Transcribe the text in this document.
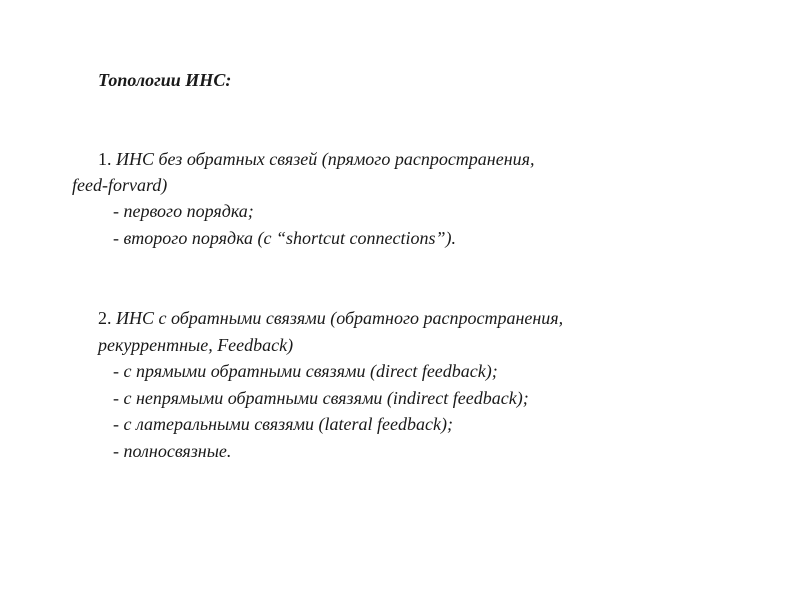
Топологии ИНС:
1. ИНС без обратных связей (прямого распространения,
feed-forvard)
- первого порядка;
- второго порядка (с “shortcut connections”).
2. ИНС с обратными связями (обратного распространения,
рекуррентные, Feedback)
- с прямыми обратными связями (direct feedback);
- с непрямыми обратными связями (indirect feedback);
- с латеральными связями (lateral feedback);
- полносвязные.
